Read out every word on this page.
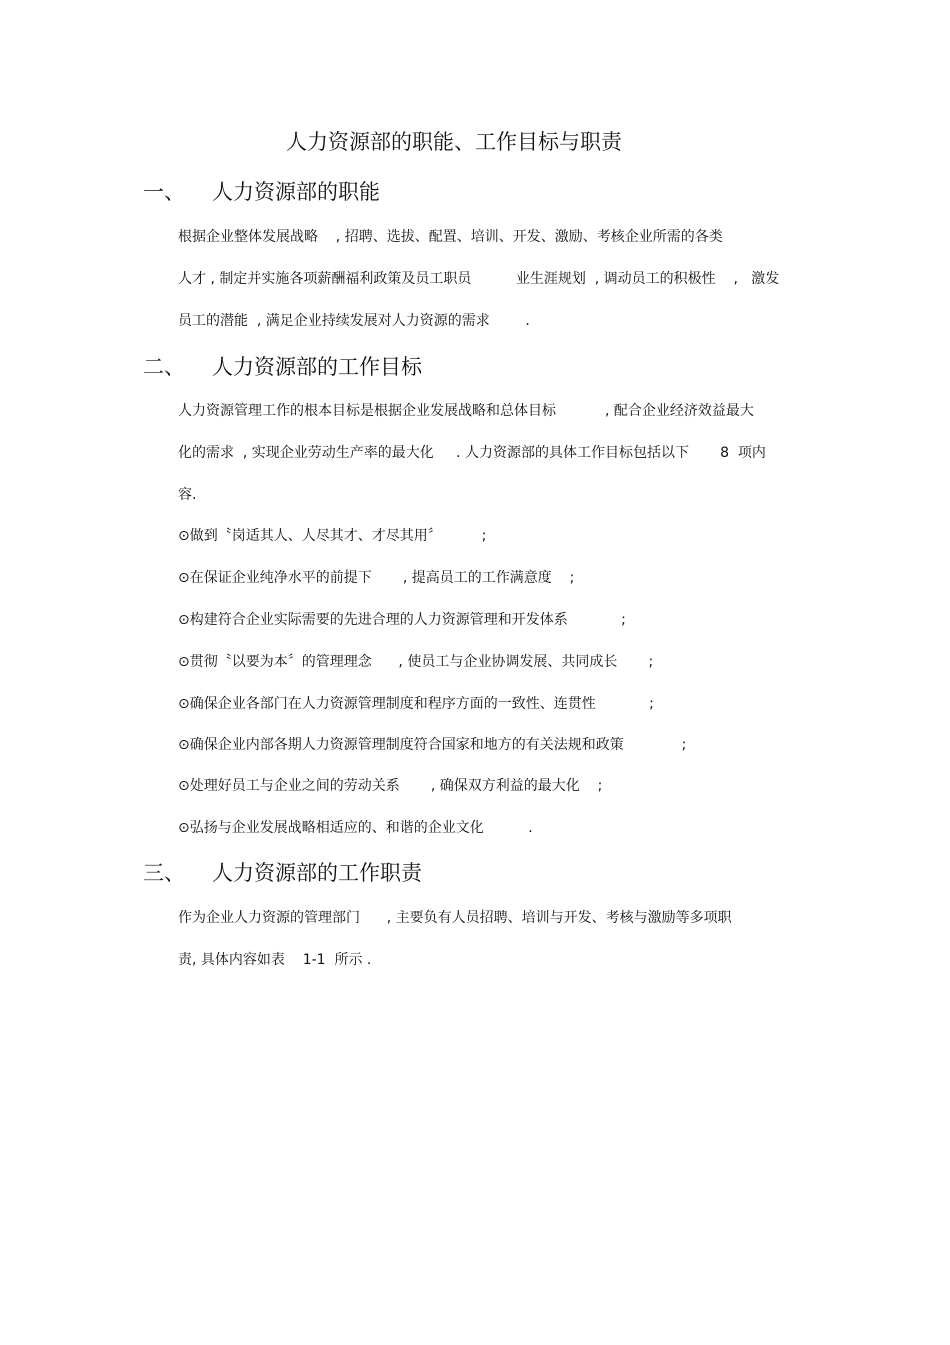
人力资源部的职能、工作目标与职责
一、 人力资源部的职能
根据企业整体发展战略    , 招聘、选拔、配置、培训、开发、激励、考核企业所需的各类
人才 , 制定并实施各项薪酬福利政策及员工职员          业生涯规划  , 调动员工的积极性    ,   激发
员工的潜能  , 满足企业持续发展对人力资源的需求        .
二、 人力资源部的工作目标
人力资源管理工作的根本目标是根据企业发展战略和总体目标           , 配合企业经济效益最大
化的需求  , 实现企业劳动生产率的最大化     . 人力资源部的具体工作目标包括以下       8  项内
容.
⊙做到〝岗适其人、人尽其才、才尽其用〞         ;
⊙在保证企业纯净水平的前提下       , 提高员工的工作满意度    ;
⊙构建符合企业实际需要的先进合理的人力资源管理和开发体系            ;
⊙贯彻〝以要为本〞的管理理念      , 使员工与企业协调发展、共同成长       ;
⊙确保企业各部门在人力资源管理制度和程序方面的一致性、连贯性            ;
⊙确保企业内部各期人力资源管理制度符合国家和地方的有关法规和政策             ;
⊙处理好员工与企业之间的劳动关系       , 确保双方利益的最大化    ;
⊙弘扬与企业发展战略相适应的、和谐的企业文化          .
三、 人力资源部的工作职责
作为企业人力资源的管理部门      , 主要负有人员招聘、培训与开发、考核与激励等多项职
责, 具体内容如表    1-1  所示 .
